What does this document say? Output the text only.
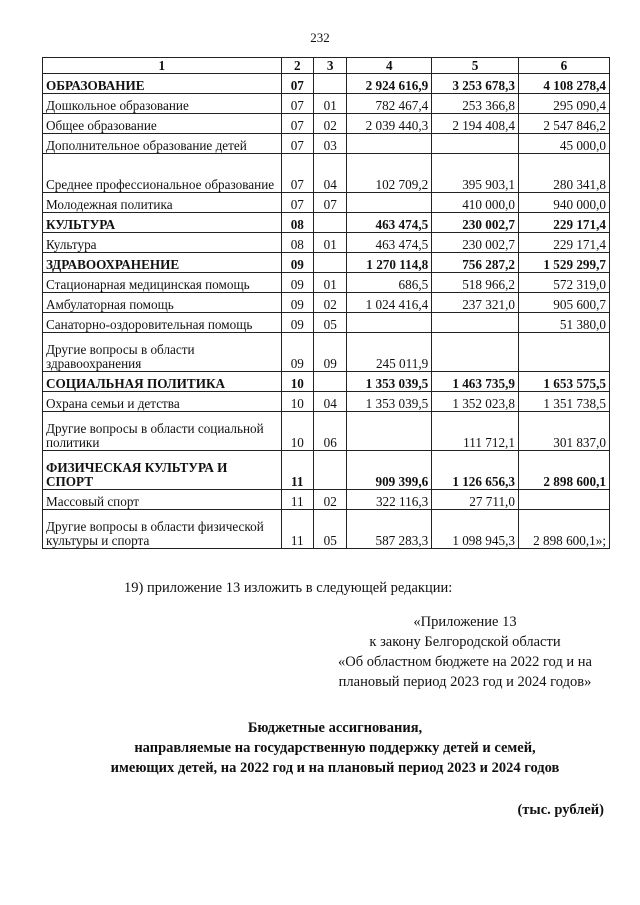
232
1	2	3	4	5	6
ОБРАЗОВАНИЕ	07		2 924 616,9	3 253 678,3	4 108 278,4
Дошкольное образование	07	01	782 467,4	253 366,8	295 090,4
Общее образование	07	02	2 039 440,3	2 194 408,4	2 547 846,2
Дополнительное образование детей	07	03			45 000,0
Среднее профессиональное образование	07	04	102 709,2	395 903,1	280 341,8
Молодежная политика	07	07		410 000,0	940 000,0
КУЛЬТУРА	08		463 474,5	230 002,7	229 171,4
Культура	08	01	463 474,5	230 002,7	229 171,4
ЗДРАВООХРАНЕНИЕ	09		1 270 114,8	756 287,2	1 529 299,7
Стационарная медицинская помощь	09	01	686,5	518 966,2	572 319,0
Амбулаторная помощь	09	02	1 024 416,4	237 321,0	905 600,7
Санаторно-оздоровительная помощь	09	05			51 380,0
Другие вопросы в области здравоохранения	09	09	245 011,9		
СОЦИАЛЬНАЯ ПОЛИТИКА	10		1 353 039,5	1 463 735,9	1 653 575,5
Охрана семьи и детства	10	04	1 353 039,5	1 352 023,8	1 351 738,5
Другие вопросы в области социальной политики	10	06		111 712,1	301 837,0
ФИЗИЧЕСКАЯ КУЛЬТУРА И СПОРТ	11		909 399,6	1 126 656,3	2 898 600,1
Массовый спорт	11	02	322 116,3	27 711,0	
Другие вопросы в области физической культуры и спорта	11	05	587 283,3	1 098 945,3	2 898 600,1»;
19) приложение 13 изложить в следующей редакции:
«Приложение 13
к закону Белгородской области
«Об областном бюджете на 2022 год и на
плановый период 2023 год и 2024 годов»
Бюджетные ассигнования,
направляемые на государственную поддержку детей и семей,
имеющих детей, на 2022 год и на плановый период 2023 и 2024 годов
(тыс. рублей)
